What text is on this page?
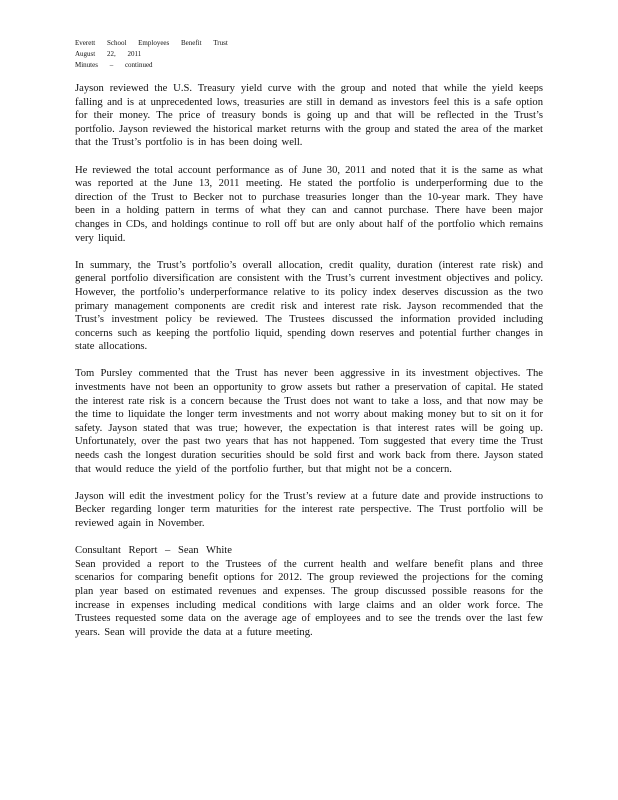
Everett School Employees Benefit Trust
August 22, 2011
Minutes – continued

Jayson reviewed the U.S. Treasury yield curve with the group and noted that while the yield keeps falling and is at unprecedented lows, treasuries are still in demand as investors feel this is a safe option for their money. The price of treasury bonds is going up and that will be reflected in the Trust’s portfolio. Jayson reviewed the historical market returns with the group and stated the area of the market that the Trust’s portfolio is in has been doing well.

He reviewed the total account performance as of June 30, 2011 and noted that it is the same as what was reported at the June 13, 2011 meeting. He stated the portfolio is underperforming due to the direction of the Trust to Becker not to purchase treasuries longer than the 10-year mark. They have been in a holding pattern in terms of what they can and cannot purchase. There have been major changes in CDs, and holdings continue to roll off but are only about half of the portfolio which remains very liquid.

In summary, the Trust’s portfolio’s overall allocation, credit quality, duration (interest rate risk) and general portfolio diversification are consistent with the Trust’s current investment objectives and policy. However, the portfolio’s underperformance relative to its policy index deserves discussion as the two primary management components are credit risk and interest rate risk. Jayson recommended that the Trust’s investment policy be reviewed. The Trustees discussed the information provided including concerns such as keeping the portfolio liquid, spending down reserves and potential further changes in state allocations.

Tom Pursley commented that the Trust has never been aggressive in its investment objectives. The investments have not been an opportunity to grow assets but rather a preservation of capital. He stated the interest rate risk is a concern because the Trust does not want to take a loss, and that now may be the time to liquidate the longer term investments and not worry about making money but to sit on it for safety. Jayson stated that was true; however, the expectation is that interest rates will be going up. Unfortunately, over the past two years that has not happened. Tom suggested that every time the Trust needs cash the longest duration securities should be sold first and work back from there. Jayson stated that would reduce the yield of the portfolio further, but that might not be a concern.

Jayson will edit the investment policy for the Trust’s review at a future date and provide instructions to Becker regarding longer term maturities for the interest rate perspective. The Trust portfolio will be reviewed again in November.

Consultant Report – Sean White

Sean provided a report to the Trustees of the current health and welfare benefit plans and three scenarios for comparing benefit options for 2012. The group reviewed the projections for the coming plan year based on estimated revenues and expenses. The group discussed possible reasons for the increase in expenses including medical conditions with large claims and an older work force. The Trustees requested some data on the average age of employees and to see the trends over the last few years. Sean will provide the data at a future meeting.
